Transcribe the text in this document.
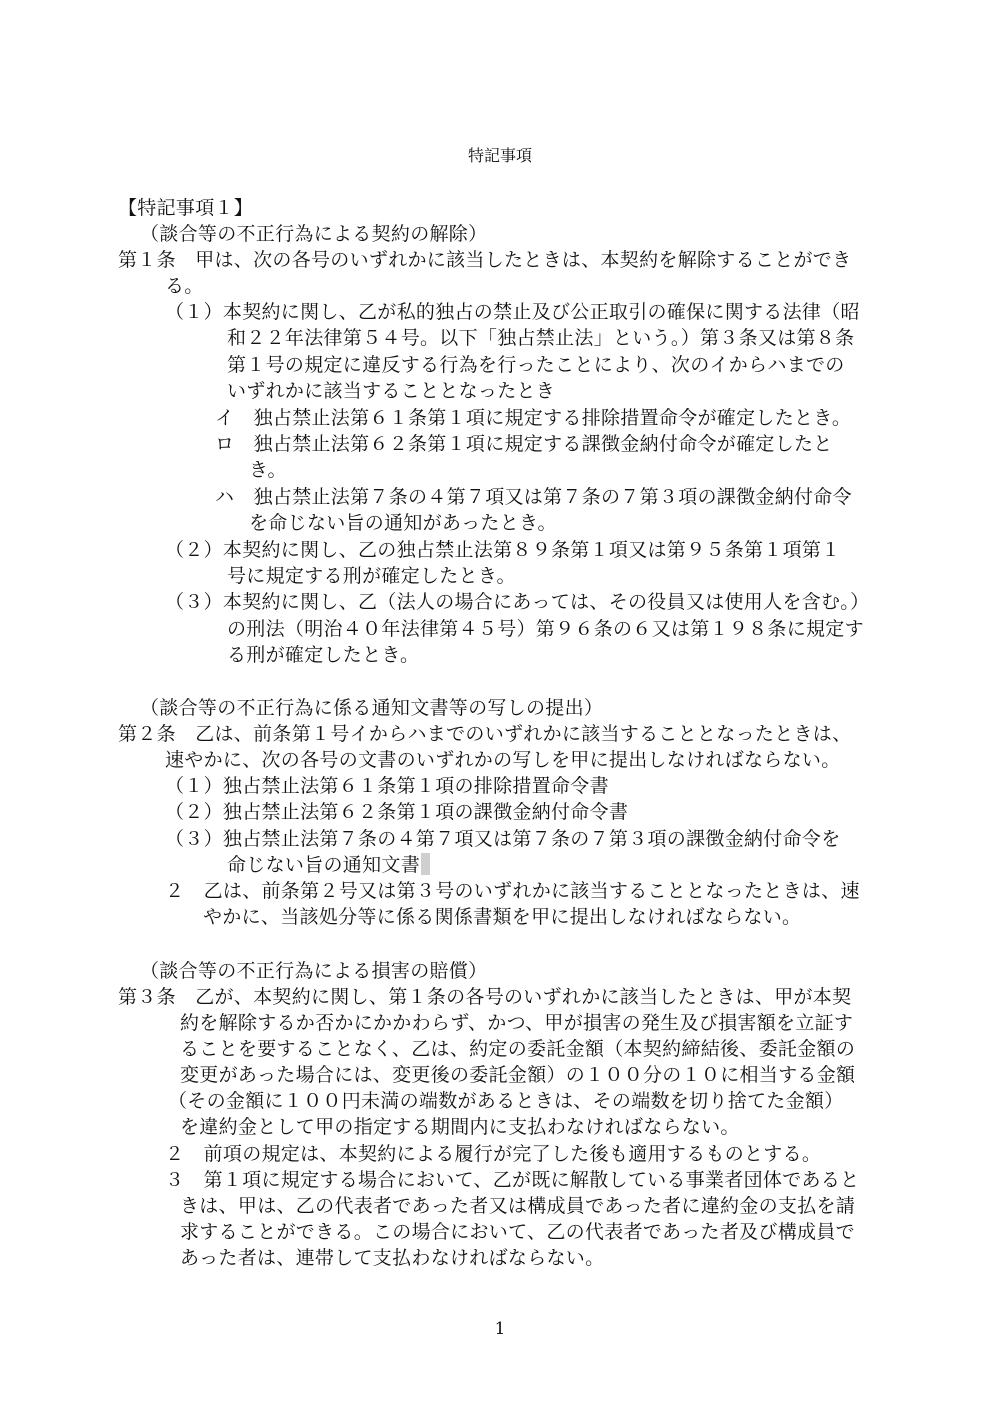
特記事項
【特記事項１】
（談合等の不正行為による契約の解除）
第１条　甲は、次の各号のいずれかに該当したときは、本契約を解除することができ
る。
（１）本契約に関し、乙が私的独占の禁止及び公正取引の確保に関する法律（昭
和２２年法律第５４号。以下「独占禁止法」という。）第３条又は第８条
第１号の規定に違反する行為を行ったことにより、次のイからハまでの
いずれかに該当することとなったとき
イ　独占禁止法第６１条第１項に規定する排除措置命令が確定したとき。
ロ　独占禁止法第６２条第１項に規定する課徴金納付命令が確定したと
き。
ハ　独占禁止法第７条の４第７項又は第７条の７第３項の課徴金納付命令
を命じない旨の通知があったとき。
（２）本契約に関し、乙の独占禁止法第８９条第１項又は第９５条第１項第１
号に規定する刑が確定したとき。
（３）本契約に関し、乙（法人の場合にあっては、その役員又は使用人を含む。）
の刑法（明治４０年法律第４５号）第９６条の６又は第１９８条に規定す
る刑が確定したとき。
（談合等の不正行為に係る通知文書等の写しの提出）
第２条　乙は、前条第１号イからハまでのいずれかに該当することとなったときは、
速やかに、次の各号の文書のいずれかの写しを甲に提出しなければならない。
（１）独占禁止法第６１条第１項の排除措置命令書
（２）独占禁止法第６２条第１項の課徴金納付命令書
（３）独占禁止法第７条の４第７項又は第７条の７第３項の課徴金納付命令を
命じない旨の通知文書
２　乙は、前条第２号又は第３号のいずれかに該当することとなったときは、速
やかに、当該処分等に係る関係書類を甲に提出しなければならない。
（談合等の不正行為による損害の賠償）
第３条　乙が、本契約に関し、第１条の各号のいずれかに該当したときは、甲が本契
約を解除するか否かにかかわらず、かつ、甲が損害の発生及び損害額を立証す
ることを要することなく、乙は、約定の委託金額（本契約締結後、委託金額の
変更があった場合には、変更後の委託金額）の１００分の１０に相当する金額
（その金額に１００円未満の端数があるときは、その端数を切り捨てた金額）
を違約金として甲の指定する期間内に支払わなければならない。
２　前項の規定は、本契約による履行が完了した後も適用するものとする。
３　第１項に規定する場合において、乙が既に解散している事業者団体であると
きは、甲は、乙の代表者であった者又は構成員であった者に違約金の支払を請
求することができる。この場合において、乙の代表者であった者及び構成員で
あった者は、連帯して支払わなければならない。
1
